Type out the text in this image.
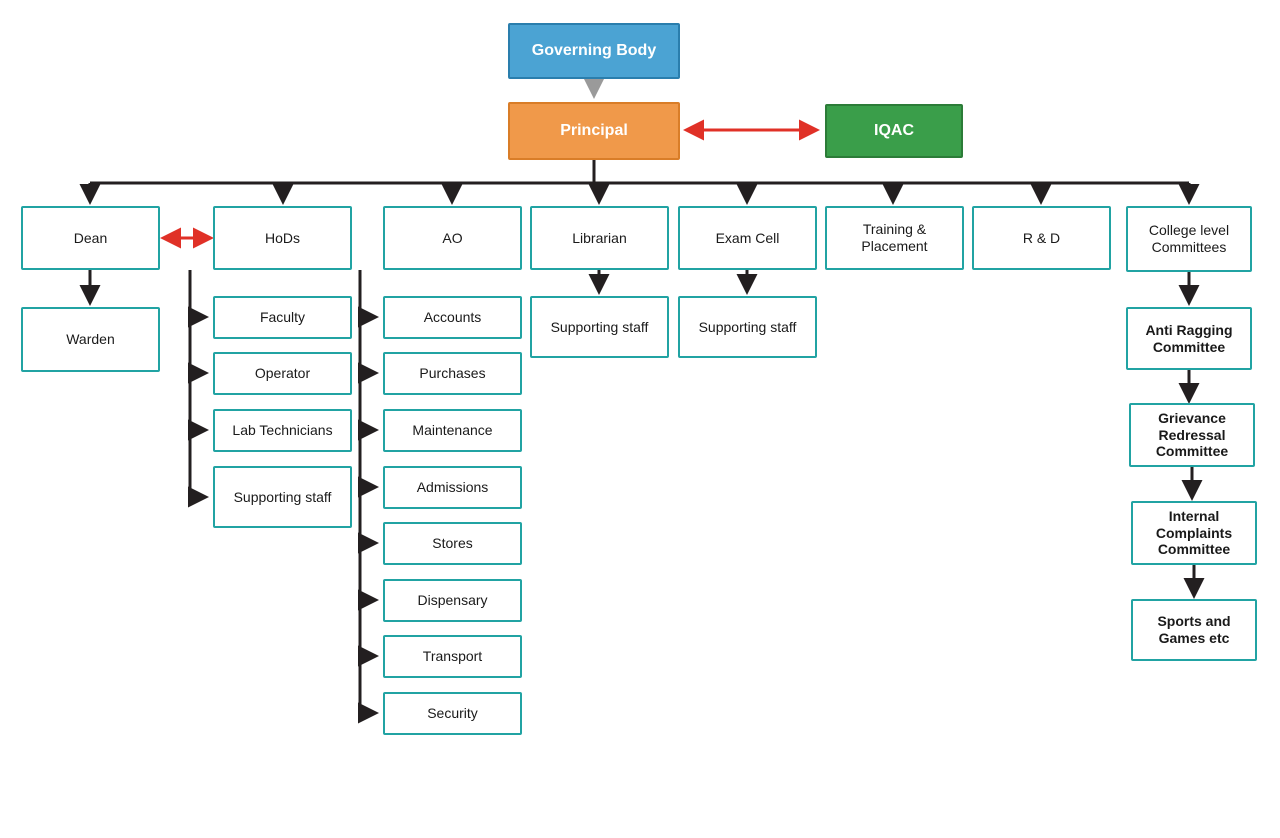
Governing Body
Principal	IQAC
Dean
Warden
HoDs	AO	Librarian	Exam Cell
Training & Placement
R & D	College level Committees
Faculty
Operator
Lab Technicians
Supporting staff
Accounts
Purchases
Maintenance
Admissions
Stores
Dispensary
Transport
Security
Supporting staff	Supporting staff	Anti Ragging Committee
Grievance Redressal Committee
Internal Complaints Committee
Sports and Games etc
